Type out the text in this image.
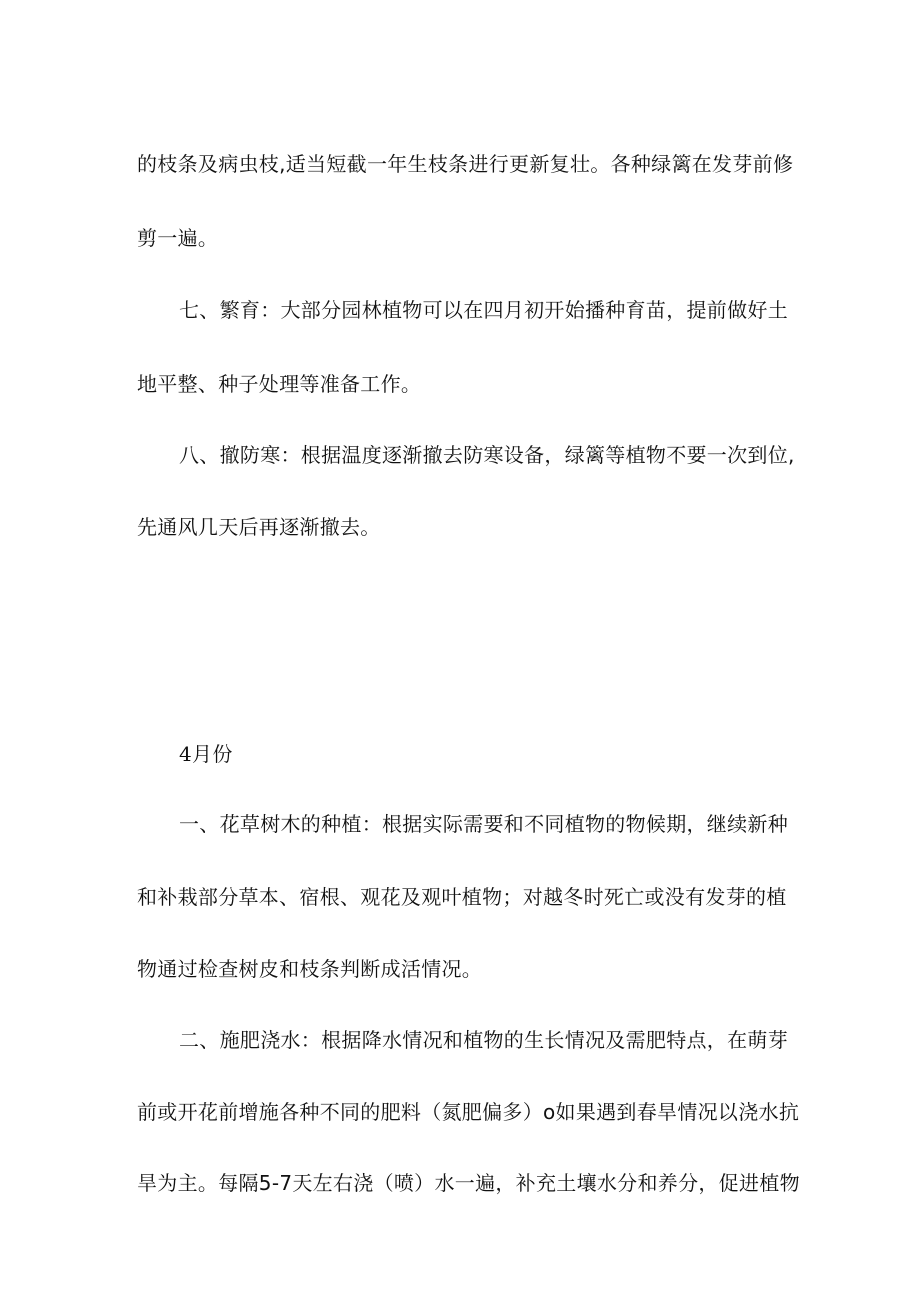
的枝条及病虫枝,适当短截一年生枝条进行更新复壮。各种绿篱在发芽前修
剪一遍。
七、繁育：大部分园林植物可以在四月初开始播种育苗，提前做好土
地平整、种子处理等准备工作。
八、撤防寒：根据温度逐渐撤去防寒设备，绿篱等植物不要一次到位,
先通风几天后再逐渐撤去。
4月份
一、花草树木的种植：根据实际需要和不同植物的物候期，继续新种
和补栽部分草本、宿根、观花及观叶植物；对越冬时死亡或没有发芽的植
物通过检查树皮和枝条判断成活情况。
二、施肥浇水：根据降水情况和植物的生长情况及需肥特点，在萌芽
前或开花前增施各种不同的肥料（氮肥偏多）o如果遇到春旱情况以浇水抗
旱为主。每隔5-7天左右浇（喷）水一遍，补充土壤水分和养分，促进植物
